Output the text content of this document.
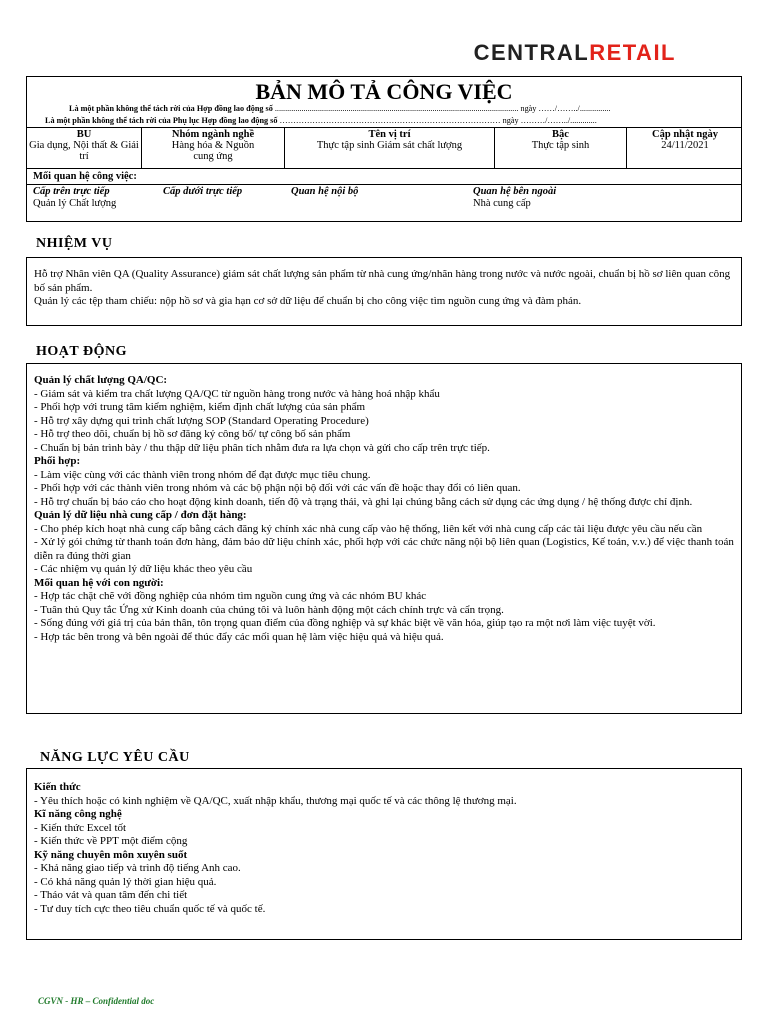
CENTRALRETAIL
BẢN MÔ TẢ CÔNG VIỆC
Là một phần không thể tách rời của Hợp đồng lao động số ....................................................................................................................... ngày ……/……../...............
Là một phần không thể tách rời của Phụ lục Hợp đồng lao động số ……………………………………………………………………… ngày ………/……../.............
BU
Gia dụng, Nội thất & Giải trí
Nhóm ngành nghề
Hàng hóa & Nguồn cung ứng
Tên vị trí
Thực tập sinh Giám sát chất lượng
Bậc
Thực tập sinh
Cập nhật ngày
24/11/2021
Mối quan hệ công việc:
Cấp trên trực tiếp
Quản lý Chất lượng
Cấp dưới trực tiếp	Quan hệ nội bộ	Quan hệ bên ngoài
Nhà cung cấp
NHIỆM VỤ

Hỗ trợ Nhân viên QA (Quality Assurance) giám sát chất lượng sản phẩm từ nhà cung ứng/nhãn hàng trong nước và nước ngoài, chuẩn bị hồ sơ liên quan công bố sản phẩm.

Quản lý các tệp tham chiếu: nộp hồ sơ và gia hạn cơ sở dữ liệu để chuẩn bị cho công việc tìm nguồn cung ứng và đàm phán.

HOẠT ĐỘNG

Quản lý chất lượng QA/QC:

- Giám sát và kiểm tra chất lượng QA/QC từ nguồn hàng trong nước và hàng hoá nhập khẩu

- Phối hợp với trung tâm kiểm nghiệm, kiểm định chất lượng của sản phẩm

- Hỗ trợ xây dựng qui trình chất lượng SOP (Standard Operating Procedure)

- Hỗ trợ theo dõi, chuẩn bị hồ sơ đăng ký công bố/ tự công bố sản phẩm

- Chuẩn bị bản trình bày / thu thập dữ liệu phân tích nhằm đưa ra lựa chọn và gửi cho cấp trên trực tiếp.

Phối hợp:

- Làm việc cùng với các thành viên trong nhóm để đạt được mục tiêu chung.

- Phối hợp với các thành viên trong nhóm và các bộ phận nội bộ đối với các vấn đề hoặc thay đổi có liên quan.

- Hỗ trợ chuẩn bị báo cáo cho hoạt động kinh doanh, tiến độ và trạng thái, và ghi lại chúng bằng cách sử dụng các ứng dụng / hệ thống được chỉ định.

Quản lý dữ liệu nhà cung cấp / đơn đặt hàng:

- Cho phép kích hoạt nhà cung cấp bằng cách đăng ký chính xác nhà cung cấp vào hệ thống, liên kết với nhà cung cấp các tài liệu được yêu cầu nếu cần

- Xử lý gói chứng từ thanh toán đơn hàng, đảm bảo dữ liệu chính xác, phối hợp với các chức năng nội bộ liên quan (Logistics, Kế toán, v.v.) để việc thanh toán diễn ra đúng thời gian

- Các nhiệm vụ quản lý dữ liệu khác theo yêu cầu

Mối quan hệ với con người:

- Hợp tác chặt chẽ với đồng nghiệp của nhóm tìm nguồn cung ứng và các nhóm BU khác

- Tuân thủ Quy tắc Ứng xử Kinh doanh của chúng tôi và luôn hành động một cách chính trực và cẩn trọng.

- Sống đúng với giá trị của bản thân, tôn trọng quan điểm của đồng nghiệp và sự khác biệt về văn hóa, giúp tạo ra một nơi làm việc tuyệt vời.

- Hợp tác bên trong và bên ngoài để thúc đẩy các mối quan hệ làm việc hiệu quả và hiệu quả.

NĂNG LỰC YÊU CẦU

Kiến thức

- Yêu thích hoặc có kinh nghiệm về QA/QC, xuất nhập khẩu, thương mại quốc tế và các thông lệ thương mại.

Kĩ năng công nghệ

- Kiến thức Excel tốt

- Kiến thức về PPT một điểm cộng

Kỹ năng chuyên môn xuyên suốt

- Khả năng giao tiếp và trình độ tiếng Anh cao.

- Có khả năng quản lý thời gian hiệu quả.

- Tháo vát và quan tâm đến chi tiết

- Tư duy tích cực theo tiêu chuẩn quốc tế và quốc tế.

CGVN - HR – Confidential doc
